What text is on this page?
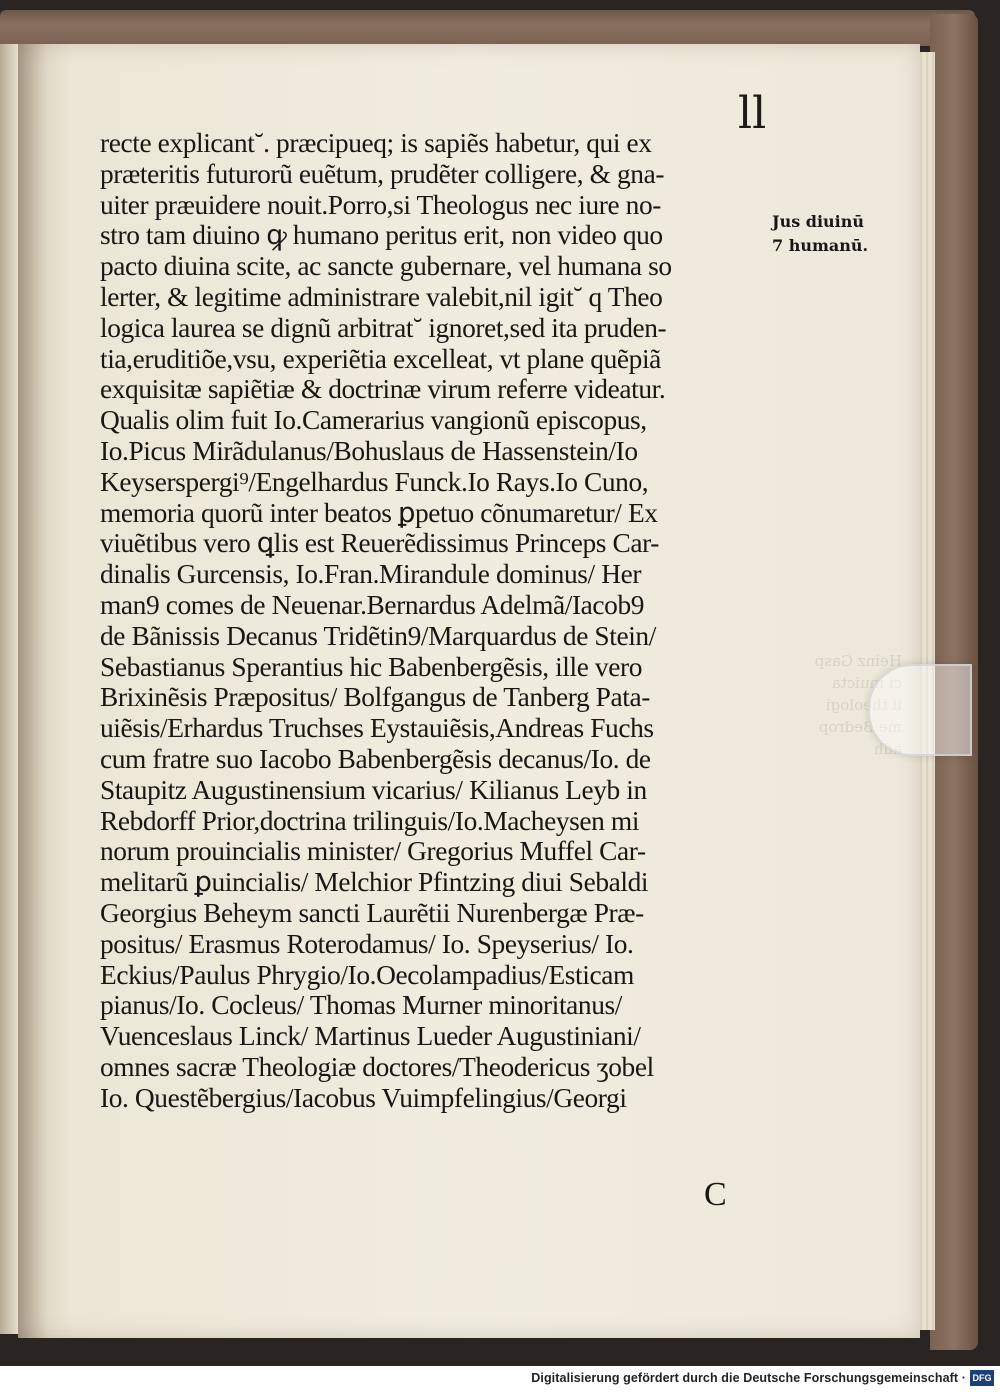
ll
recte explicant˘. præcipueq; is sapiẽs habetur, qui ex
præteritis futurorũ euẽtum, prudẽter colligere, & gna-
uiter præuidere nouit.Porro,si Theologus nec iure no-
stro tam diuino ꝙ humano peritus erit, non video quo
pacto diuina scite, ac sancte gubernare, vel humana so
lerter, & legitime administrare valebit,nil igit˘ q Theo
logica laurea se dignũ arbitrat˘ ignoret,sed ita pruden-
tia,eruditiõe,vsu, experiẽtia excelleat, vt plane quẽpiã
exquisitæ sapiẽtiæ & doctrinæ virum referre videatur.
Qualis olim fuit Io.Camerarius vangionũ episcopus,
Io.Picus Mirãdulanus/Bohuslaus de Hassenstein/Io
Keyserspergi⁹/Engelhardus Funck.Io Rays.Io Cuno,
memoria quorũ inter beatos ꝑpetuo cõnumaretur/ Ex
viuẽtibus vero ꝗlis est Reuerẽdissimus Princeps Car-
dinalis Gurcensis, Io.Fran.Mirandule dominus/ Her
man9 comes de Neuenar.Bernardus Adelmã/Iacob9
de Bãnissis Decanus Tridẽtin9/Marquardus de Stein/
Sebastianus Sperantius hic Babenbergẽsis, ille vero
Brixinẽsis Præpositus/ Bolfgangus de Tanberg Pata-
uiẽsis/Erhardus Truchses Eystauiẽsis,Andreas Fuchs
cum fratre suo Iacobo Babenbergẽsis decanus/Io. de
Staupitz Augustinensium vicarius/ Kilianus Leyb in
Rebdorff Prior,doctrina trilinguis/Io.Macheysen mi
norum prouincialis minister/ Gregorius Muffel Car-
melitarũ ꝑuincialis/ Melchior Pfintzing diui Sebaldi
Georgius Beheym sancti Laurẽtii Nurenbergæ Præ-
positus/ Erasmus Roterodamus/ Io. Speyserius/ Io.
Eckius/Paulus Phrygio/Io.Oecolampadius/Esticam
pianus/Io. Cocleus/ Thomas Murner minoritanus/
Vuenceslaus Linck/ Martinus Lueder Augustiniani/
omnes sacræ Theologiæ doctores/Theodericus ʒobel
Io. Questẽbergius/Iacobus Vuimpfelingius/Georgi
C
Jus diuinū
7 humanū.
Heinz Gasp
ci inuicta
ii theologi
me Bedrop
adh
Digitalisierung gefördert durch die Deutsche Forschungsgemeinschaft · DFG
